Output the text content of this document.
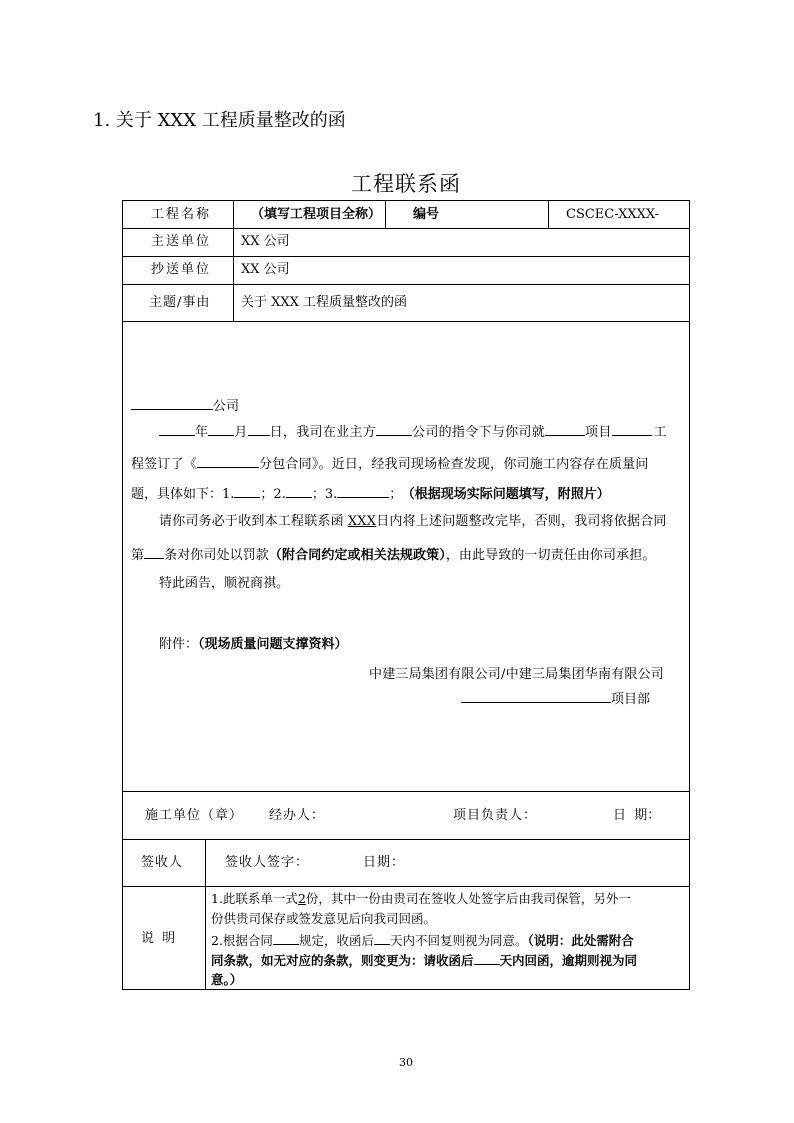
1. 关于 XXX 工程质量整改的函
工程联系函
工程名称	（填写工程项目全称） 编号	CSCEC-XXXX-
主送单位 XX 公司
抄送单位 XX 公司
主题/事由 关于 XXX 工程质量整改的函
公司
年 月 日，我司在业主方	公司的指令下与你司就	项目	工
程签订了《	分包合同》。近日，经我司现场检查发现，你司施工内容存在质量问
题，具体如下：1. ；2. ；3.	； （根据现场实际问题填写，附照片）
请你司务必于收到本工程联系函 XXX日内将上述问题整改完毕，否则，我司将依据合同
第 条对你司处以罚款（附合同约定或相关法规政策），由此导致的一切责任由你司承担。
特此函告，顺祝商祺。
附件：（现场质量问题支撑资料）
中建三局集团有限公司/中建三局集团华南有限公司
项目部
施工单位（章） 经办人：	项目负责人：	日  期：
签收人	签收人签字：	日期：
说  明
1.此联系单一式2份，其中一份由贵司在签收人处签字后由我司保管，另外一
份供贵司保存或签发意见后向我司回函。
2.根据合同 规定，收函后 天内不回复则视为同意。（说明：此处需附合
同条款，如无对应的条款，则变更为：请收函后 天内回函，逾期则视为同
意。）
30
